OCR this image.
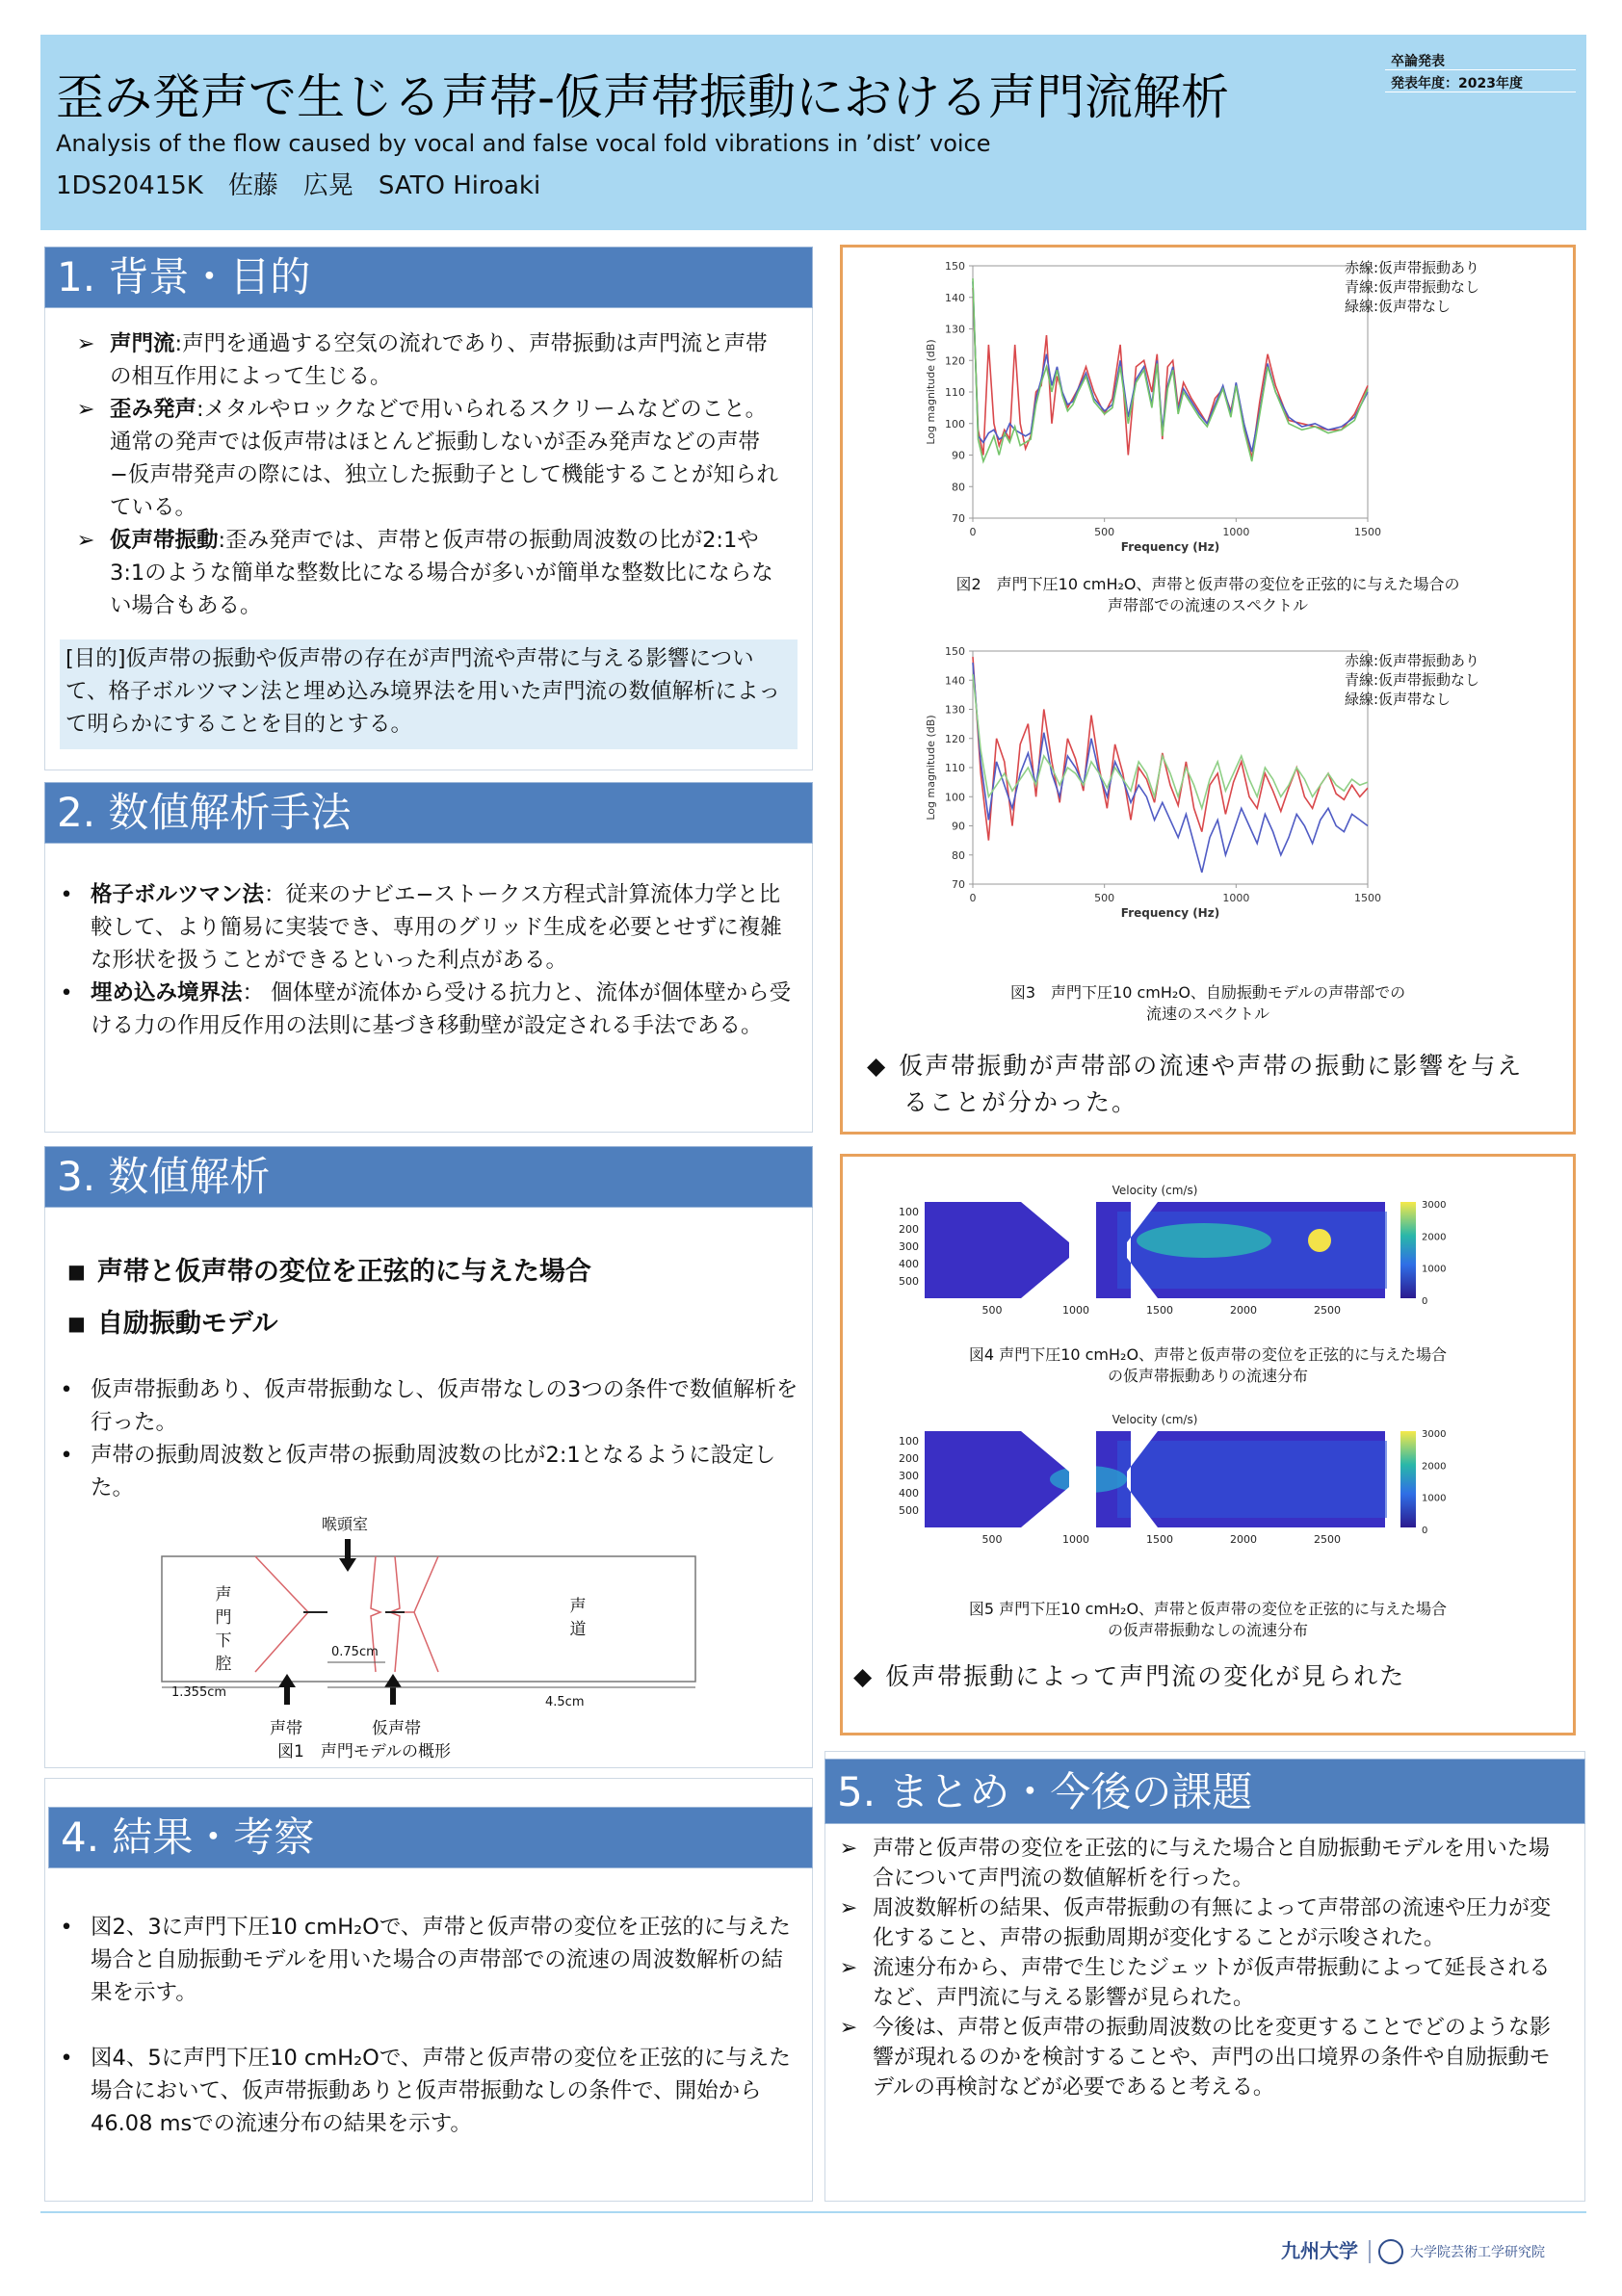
歪み発声で生じる声帯-仮声帯振動における声門流解析
Analysis of the flow caused by vocal and false vocal fold vibrations in ’dist’ voice
1DS20415K　佐藤　広晃　SATO Hiroaki
卒論発表
発表年度：2023年度
1. 背景・目的
➢ 声門流:声門を通過する空気の流れであり、声帯振動は声門流と声帯の相互作用によって生じる。
➢ 歪み発声:メタルやロックなどで用いられるスクリームなどのこと。通常の発声では仮声帯はほとんど振動しないが歪み発声などの声帯−仮声帯発声の際には、独立した振動子として機能することが知られている。
➢ 仮声帯振動:歪み発声では、声帯と仮声帯の振動周波数の比が2:1や3:1のような簡単な整数比になる場合が多いが簡単な整数比にならない場合もある。
[目的]仮声帯の振動や仮声帯の存在が声門流や声帯に与える影響について、格子ボルツマン法と埋め込み境界法を用いた声門流の数値解析によって明らかにすることを目的とする。
2. 数値解析手法
• 格子ボルツマン法：従来のナビエ−ストークス方程式計算流体力学と比較して、より簡易に実装でき、専用のグリッド生成を必要とせずに複雑な形状を扱うことができるといった利点がある。
• 埋め込み境界法： 個体壁が流体から受ける抗力と、流体が個体壁から受ける力の作用反作用の法則に基づき移動壁が設定される手法である。
3. 数値解析
■ 声帯と仮声帯の変位を正弦的に与えた場合
■ 自励振動モデル
• 仮声帯振動あり、仮声帯振動なし、仮声帯なしの3つの条件で数値解析を行った。
• 声帯の振動周波数と仮声帯の振動周波数の比が2:1となるように設定した。
喉頭室
声門下腔
声道
0.75cm
1.355cm
4.5cm
声帯	仮声帯
図1　声門モデルの概形
4. 結果・考察
• 図2、3に声門下圧10 cmH₂Oで、声帯と仮声帯の変位を正弦的に与えた場合と自励振動モデルを用いた場合の声帯部での流速の周波数解析の結果を示す。
• 図4、5に声門下圧10 cmH₂Oで、声帯と仮声帯の変位を正弦的に与えた場合において、仮声帯振動ありと仮声帯振動なしの条件で、開始から46.08 msでの流速分布の結果を示す。
70
80
90
100
110
120
130
140
150
0	500	1000	1500
Frequency (Hz)
Log magnitude (dB)
70
80
90
100
110
120
130
140
150
0	500	1000	1500
Frequency (Hz)
Log magnitude (dB)
赤線:仮声帯振動あり
青線:仮声帯振動なし
緑線:仮声帯なし
赤線:仮声帯振動あり
青線:仮声帯振動なし
緑線:仮声帯なし
図2　声門下圧10 cmH₂O、声帯と仮声帯の変位を正弦的に与えた場合の
声帯部での流速のスペクトル
図3　声門下圧10 cmH₂O、自励振動モデルの声帯部での
流速のスペクトル
◆ 仮声帯振動が声帯部の流速や声帯の振動に影響を与えることが分かった。
Velocity (cm/s)
100
200
300
400
500
500	1000	1500	2000	2500
3000
2000
1000
0
Velocity (cm/s)
100
200
300
400
500
500	1000	1500	2000	2500
3000
2000
1000
0
図4 声門下圧10 cmH₂O、声帯と仮声帯の変位を正弦的に与えた場合
の仮声帯振動ありの流速分布
図5 声門下圧10 cmH₂O、声帯と仮声帯の変位を正弦的に与えた場合
の仮声帯振動なしの流速分布
◆ 仮声帯振動によって声門流の変化が見られた
5. まとめ・今後の課題
➢ 声帯と仮声帯の変位を正弦的に与えた場合と自励振動モデルを用いた場合について声門流の数値解析を行った。
➢ 周波数解析の結果、仮声帯振動の有無によって声帯部の流速や圧力が変化すること、声帯の振動周期が変化することが示唆された。
➢ 流速分布から、声帯で生じたジェットが仮声帯振動によって延長されるなど、声門流に与える影響が見られた。
➢ 今後は、声帯と仮声帯の振動周波数の比を変更することでどのような影響が現れるのかを検討することや、声門の出口境界の条件や自励振動モデルの再検討などが必要であると考える。
九州大学	大学院芸術工学研究院
